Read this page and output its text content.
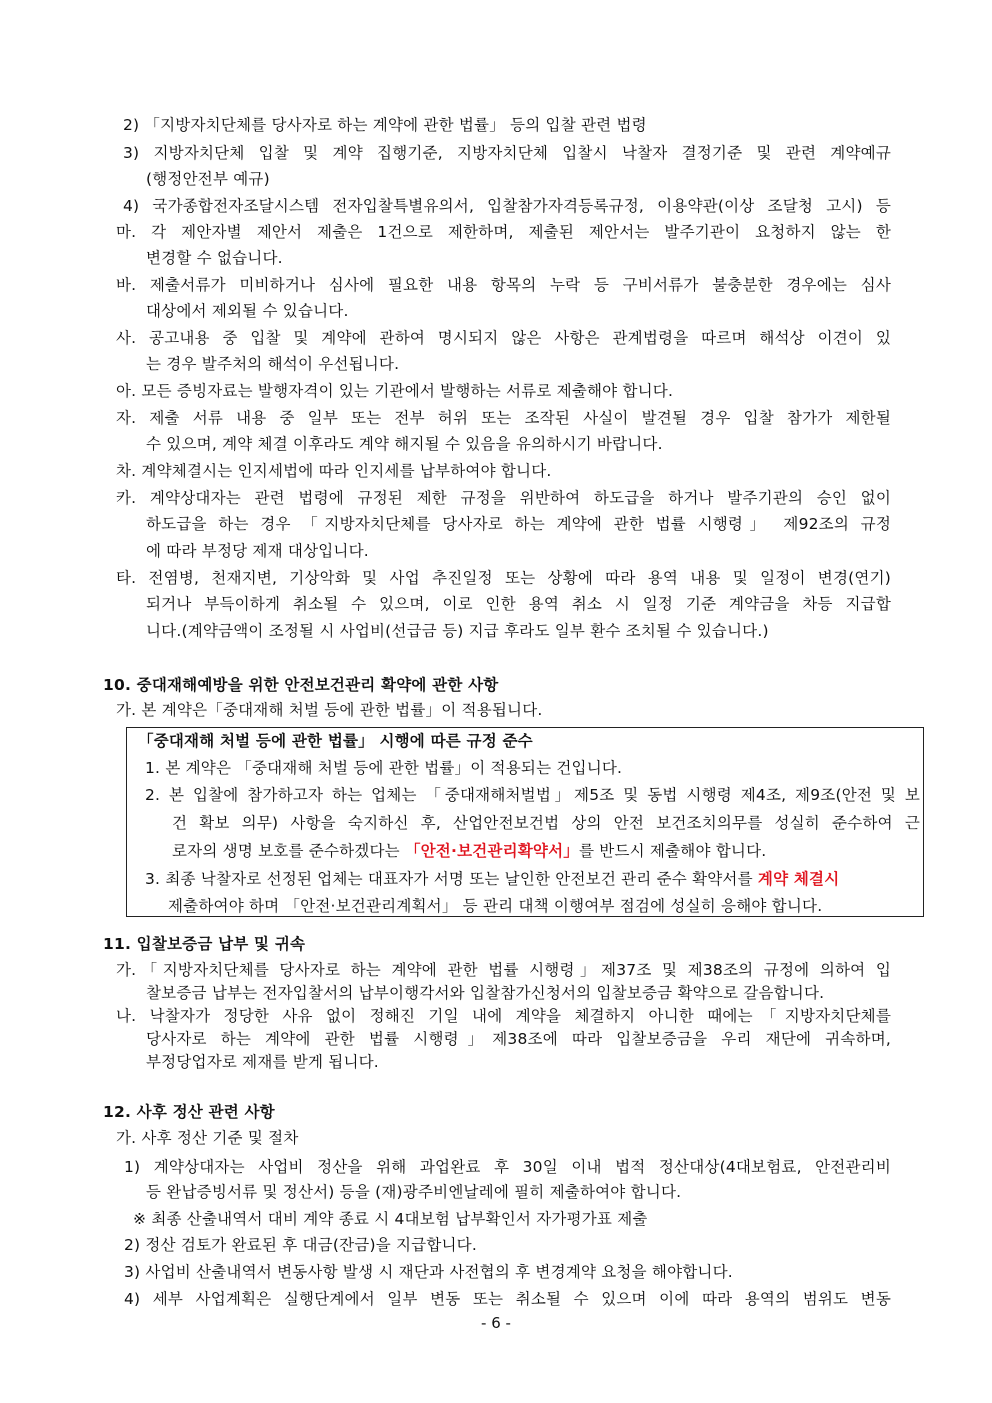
2) 「지방자치단체를 당사자로 하는 계약에 관한 법률」 등의 입찰 관련 법령
3) 지방자치단체 입찰 및 계약 집행기준, 지방자치단체 입찰시 낙찰자 결정기준 및 관련 계약예규
(행정안전부 예규)
4) 국가종합전자조달시스템 전자입찰특별유의서, 입찰참가자격등록규정, 이용약관(이상 조달청 고시) 등
마. 각 제안자별 제안서 제출은 1건으로 제한하며, 제출된 제안서는 발주기관이 요청하지 않는 한
변경할 수 없습니다.
바. 제출서류가 미비하거나 심사에 필요한 내용 항목의 누락 등 구비서류가 불충분한 경우에는 심사
대상에서 제외될 수 있습니다.
사. 공고내용 중 입찰 및 계약에 관하여 명시되지 않은 사항은 관계법령을 따르며 해석상 이견이 있
는 경우 발주처의 해석이 우선됩니다.
아. 모든 증빙자료는 발행자격이 있는 기관에서 발행하는 서류로 제출해야 합니다.
자. 제출 서류 내용 중 일부 또는 전부 허위 또는 조작된 사실이 발견될 경우 입찰 참가가 제한될
수 있으며, 계약 체결 이후라도 계약 해지될 수 있음을 유의하시기 바랍니다.
차. 계약체결시는 인지세법에 따라 인지세를 납부하여야 합니다.
카. 계약상대자는 관련 법령에 규정된 제한 규정을 위반하여 하도급을 하거나 발주기관의 승인 없이
하도급을 하는 경우 「지방자치단체를 당사자로 하는 계약에 관한 법률 시행령」 제92조의 규정
에 따라 부정당 제재 대상입니다.
타. 전염병, 천재지변, 기상악화 및 사업 추진일정 또는 상황에 따라 용역 내용 및 일정이 변경(연기)
되거나 부득이하게 취소될 수 있으며, 이로 인한 용역 취소 시 일정 기준 계약금을 차등 지급합
니다.(계약금액이 조정될 시 사업비(선급금 등) 지급 후라도 일부 환수 조치될 수 있습니다.)
10. 중대재해예방을 위한 안전보건관리 확약에 관한 사항
가. 본 계약은「중대재해 처벌 등에 관한 법률」이 적용됩니다.
「중대재해 처벌 등에 관한 법률」 시행에 따른 규정 준수
1. 본 계약은 「중대재해 처벌 등에 관한 법률」이 적용되는 건입니다.
2. 본 입찰에 참가하고자 하는 업체는 「중대재해처벌법」제5조 및 동법 시행령 제4조, 제9조(안전 및 보
건 확보 의무) 사항을 숙지하신 후, 산업안전보건법 상의 안전 보건조치의무를 성실히 준수하여 근
로자의 생명 보호를 준수하겠다는 「안전·보건관리확약서」를 반드시 제출해야 합니다.
3. 최종 낙찰자로 선정된 업체는 대표자가 서명 또는 날인한 안전보건 관리 준수 확약서를 계약 체결시
제출하여야 하며 「안전·보건관리계획서」 등 관리 대책 이행여부 점검에 성실히 응해야 합니다.
11. 입찰보증금 납부 및 귀속
가.「지방자치단체를 당사자로 하는 계약에 관한 법률 시행령」제37조 및 제38조의 규정에 의하여 입
찰보증금 납부는 전자입찰서의 납부이행각서와 입찰참가신청서의 입찰보증금 확약으로 갈음합니다.
나. 낙찰자가 정당한 사유 없이 정해진 기일 내에 계약을 체결하지 아니한 때에는「지방자치단체를
당사자로 하는 계약에 관한 법률 시행령」제38조에 따라 입찰보증금을 우리 재단에 귀속하며,
부정당업자로 제재를 받게 됩니다.
12. 사후 정산 관련 사항
가. 사후 정산 기준 및 절차
1) 계약상대자는 사업비 정산을 위해 과업완료 후 30일 이내 법적 정산대상(4대보험료, 안전관리비
등 완납증빙서류 및 정산서) 등을 (재)광주비엔날레에 필히 제출하여야 합니다.
※ 최종 산출내역서 대비 계약 종료 시 4대보험 납부확인서 자가평가표 제출
2) 정산 검토가 완료된 후 대금(잔금)을 지급합니다.
3) 사업비 산출내역서 변동사항 발생 시 재단과 사전협의 후 변경계약 요청을 해야합니다.
4) 세부 사업계획은 실행단계에서 일부 변동 또는 취소될 수 있으며 이에 따라 용역의 범위도 변동
- 6 -
